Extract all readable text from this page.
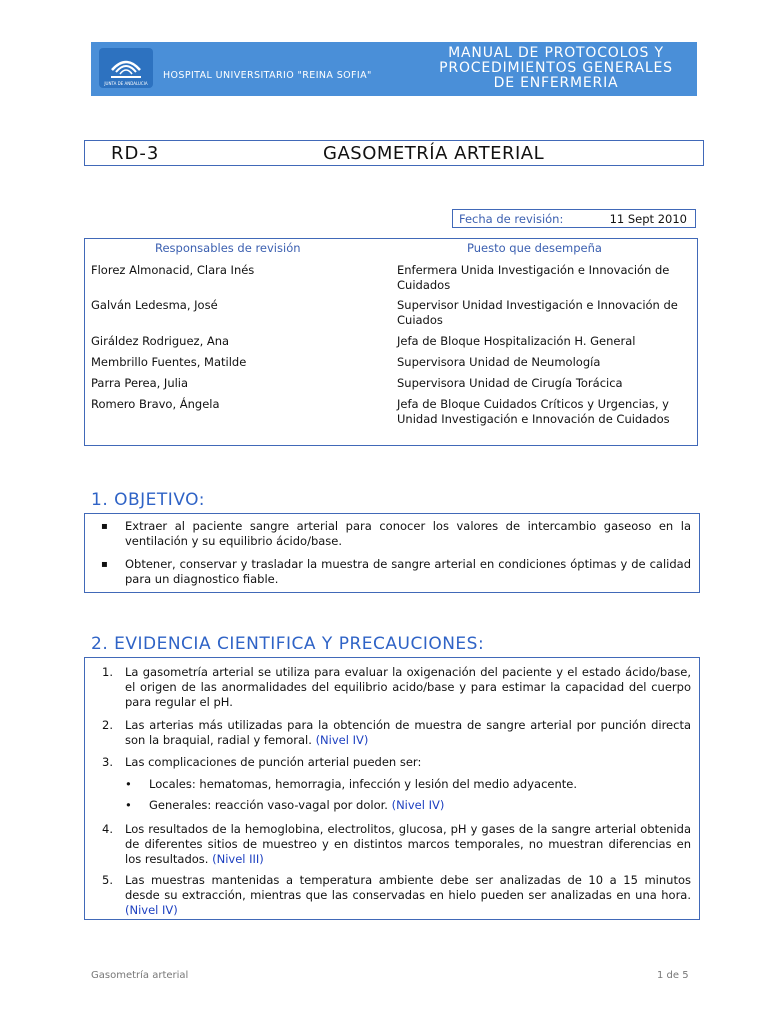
JUNTA DE ANDALUCIA
HOSPITAL UNIVERSITARIO "REINA SOFIA"
MANUAL DE PROTOCOLOS Y
PROCEDIMIENTOS GENERALES
DE ENFERMERIA
RD-3	GASOMETRÍA ARTERIAL
Fecha de revisión:	11 Sept 2010
Responsables de revisión	Puesto que desempeña
Florez Almonacid, Clara Inés	Enfermera Unida Investigación e Innovación de Cuidados
Galván Ledesma, José	Supervisor Unidad Investigación e Innovación de Cuiados
Giráldez Rodriguez, Ana	Jefa de Bloque Hospitalización H. General
Membrillo Fuentes, Matilde	Supervisora Unidad de Neumología
Parra Perea, Julia	Supervisora Unidad de Cirugía Torácica
Romero Bravo, Ángela	Jefa de Bloque Cuidados Críticos y Urgencias, y Unidad Investigación e Innovación de Cuidados
1. OBJETIVO:
▪ Extraer al paciente sangre arterial para conocer los valores de intercambio gaseoso en la ventilación y su equilibrio ácido/base.
▪ Obtener, conservar y trasladar la muestra de sangre arterial en condiciones óptimas y de calidad para un diagnostico fiable.
2. EVIDENCIA CIENTIFICA Y PRECAUCIONES:
1. La gasometría arterial se utiliza para evaluar la oxigenación del paciente y el estado ácido/base, el origen de las anormalidades del equilibrio acido/base y para estimar la capacidad del cuerpo para regular el pH.
2. Las arterias más utilizadas para la obtención de muestra de sangre arterial por punción directa son la braquial, radial y femoral. (Nivel IV)
3. Las complicaciones de punción arterial pueden ser:
• Locales: hematomas, hemorragia, infección y lesión del medio adyacente.
• Generales: reacción vaso-vagal por dolor. (Nivel IV)
4. Los resultados de la hemoglobina, electrolitos, glucosa, pH y gases de la sangre arterial obtenida de diferentes sitios de muestreo y en distintos marcos temporales, no muestran diferencias en los resultados. (Nivel III)
5. Las muestras mantenidas a temperatura ambiente debe ser analizadas de 10 a 15 minutos desde su extracción, mientras que las conservadas en hielo pueden ser analizadas en una hora. (Nivel IV)
Gasometría arterial	1 de 5
